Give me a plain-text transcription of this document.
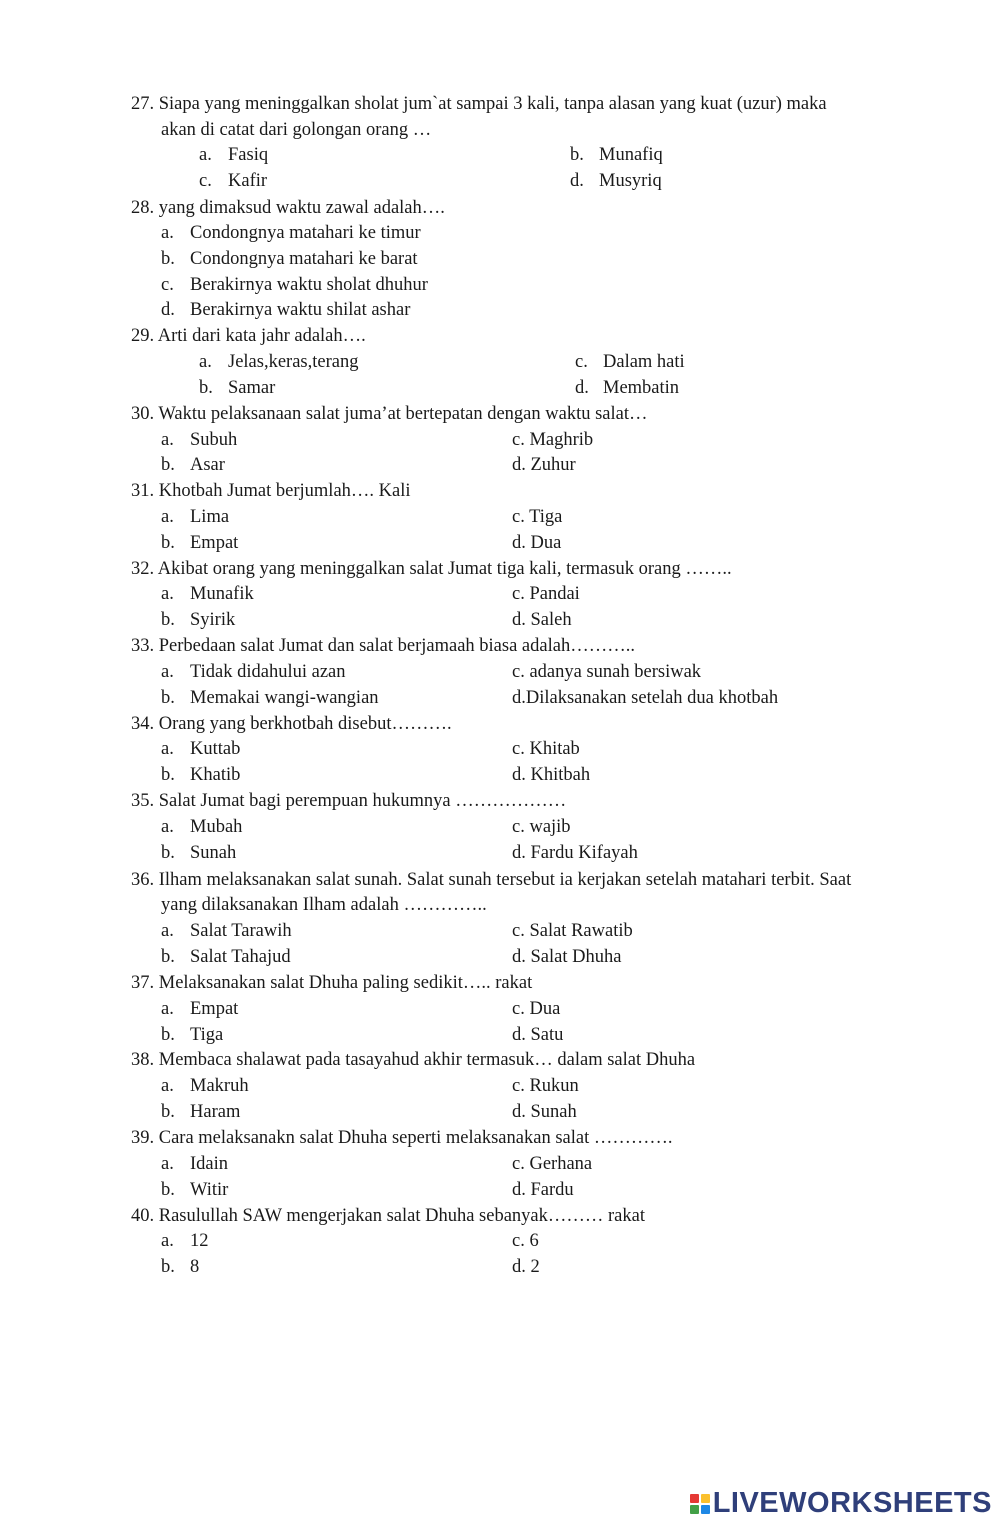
27. Siapa yang meninggalkan sholat jum`at sampai 3 kali, tanpa alasan yang kuat (uzur) maka
akan di catat dari golongan orang …
a. Fasiq	b. Munafiq
c. Kafir	d. Musyriq
28. yang dimaksud waktu zawal adalah….
a. Condongnya matahari ke timur
b. Condongnya matahari ke barat
c. Berakirnya waktu sholat dhuhur
d. Berakirnya waktu shilat ashar
29. Arti dari kata jahr adalah….
a. Jelas,keras,terang	c. Dalam hati
b. Samar	d. Membatin
30. Waktu pelaksanaan salat juma’at bertepatan dengan waktu salat…
a. Subuh	c. Maghrib
b. Asar	d. Zuhur
31. Khotbah Jumat berjumlah…. Kali
a. Lima	c. Tiga
b. Empat	d. Dua
32. Akibat orang yang meninggalkan salat Jumat tiga kali, termasuk orang ……..
a. Munafik	c. Pandai
b. Syirik	d. Saleh
33. Perbedaan salat Jumat dan salat berjamaah biasa adalah………..
a. Tidak didahului azan	c. adanya sunah bersiwak
b. Memakai wangi-wangian	d.Dilaksanakan setelah dua khotbah
34. Orang yang berkhotbah disebut……….
a. Kuttab	c. Khitab
b. Khatib	d. Khitbah
35. Salat Jumat bagi perempuan hukumnya ………………
a. Mubah	c. wajib
b. Sunah	d. Fardu Kifayah
36. Ilham melaksanakan salat sunah. Salat sunah tersebut ia kerjakan setelah matahari terbit. Saat
yang dilaksanakan Ilham adalah …………..
a. Salat Tarawih	c. Salat Rawatib
b. Salat Tahajud	d. Salat Dhuha
37. Melaksanakan salat Dhuha paling sedikit….. rakat
a. Empat	c. Dua
b. Tiga	d. Satu
38. Membaca shalawat pada tasayahud akhir termasuk… dalam salat Dhuha
a. Makruh	c. Rukun
b. Haram	d. Sunah
39. Cara melaksanakn salat Dhuha seperti melaksanakan salat ………….
a. Idain	c. Gerhana
b. Witir	d. Fardu
40. Rasulullah SAW mengerjakan salat Dhuha sebanyak……… rakat
a. 12	c. 6
b. 8	d. 2
LIVEWORKSHEETS
